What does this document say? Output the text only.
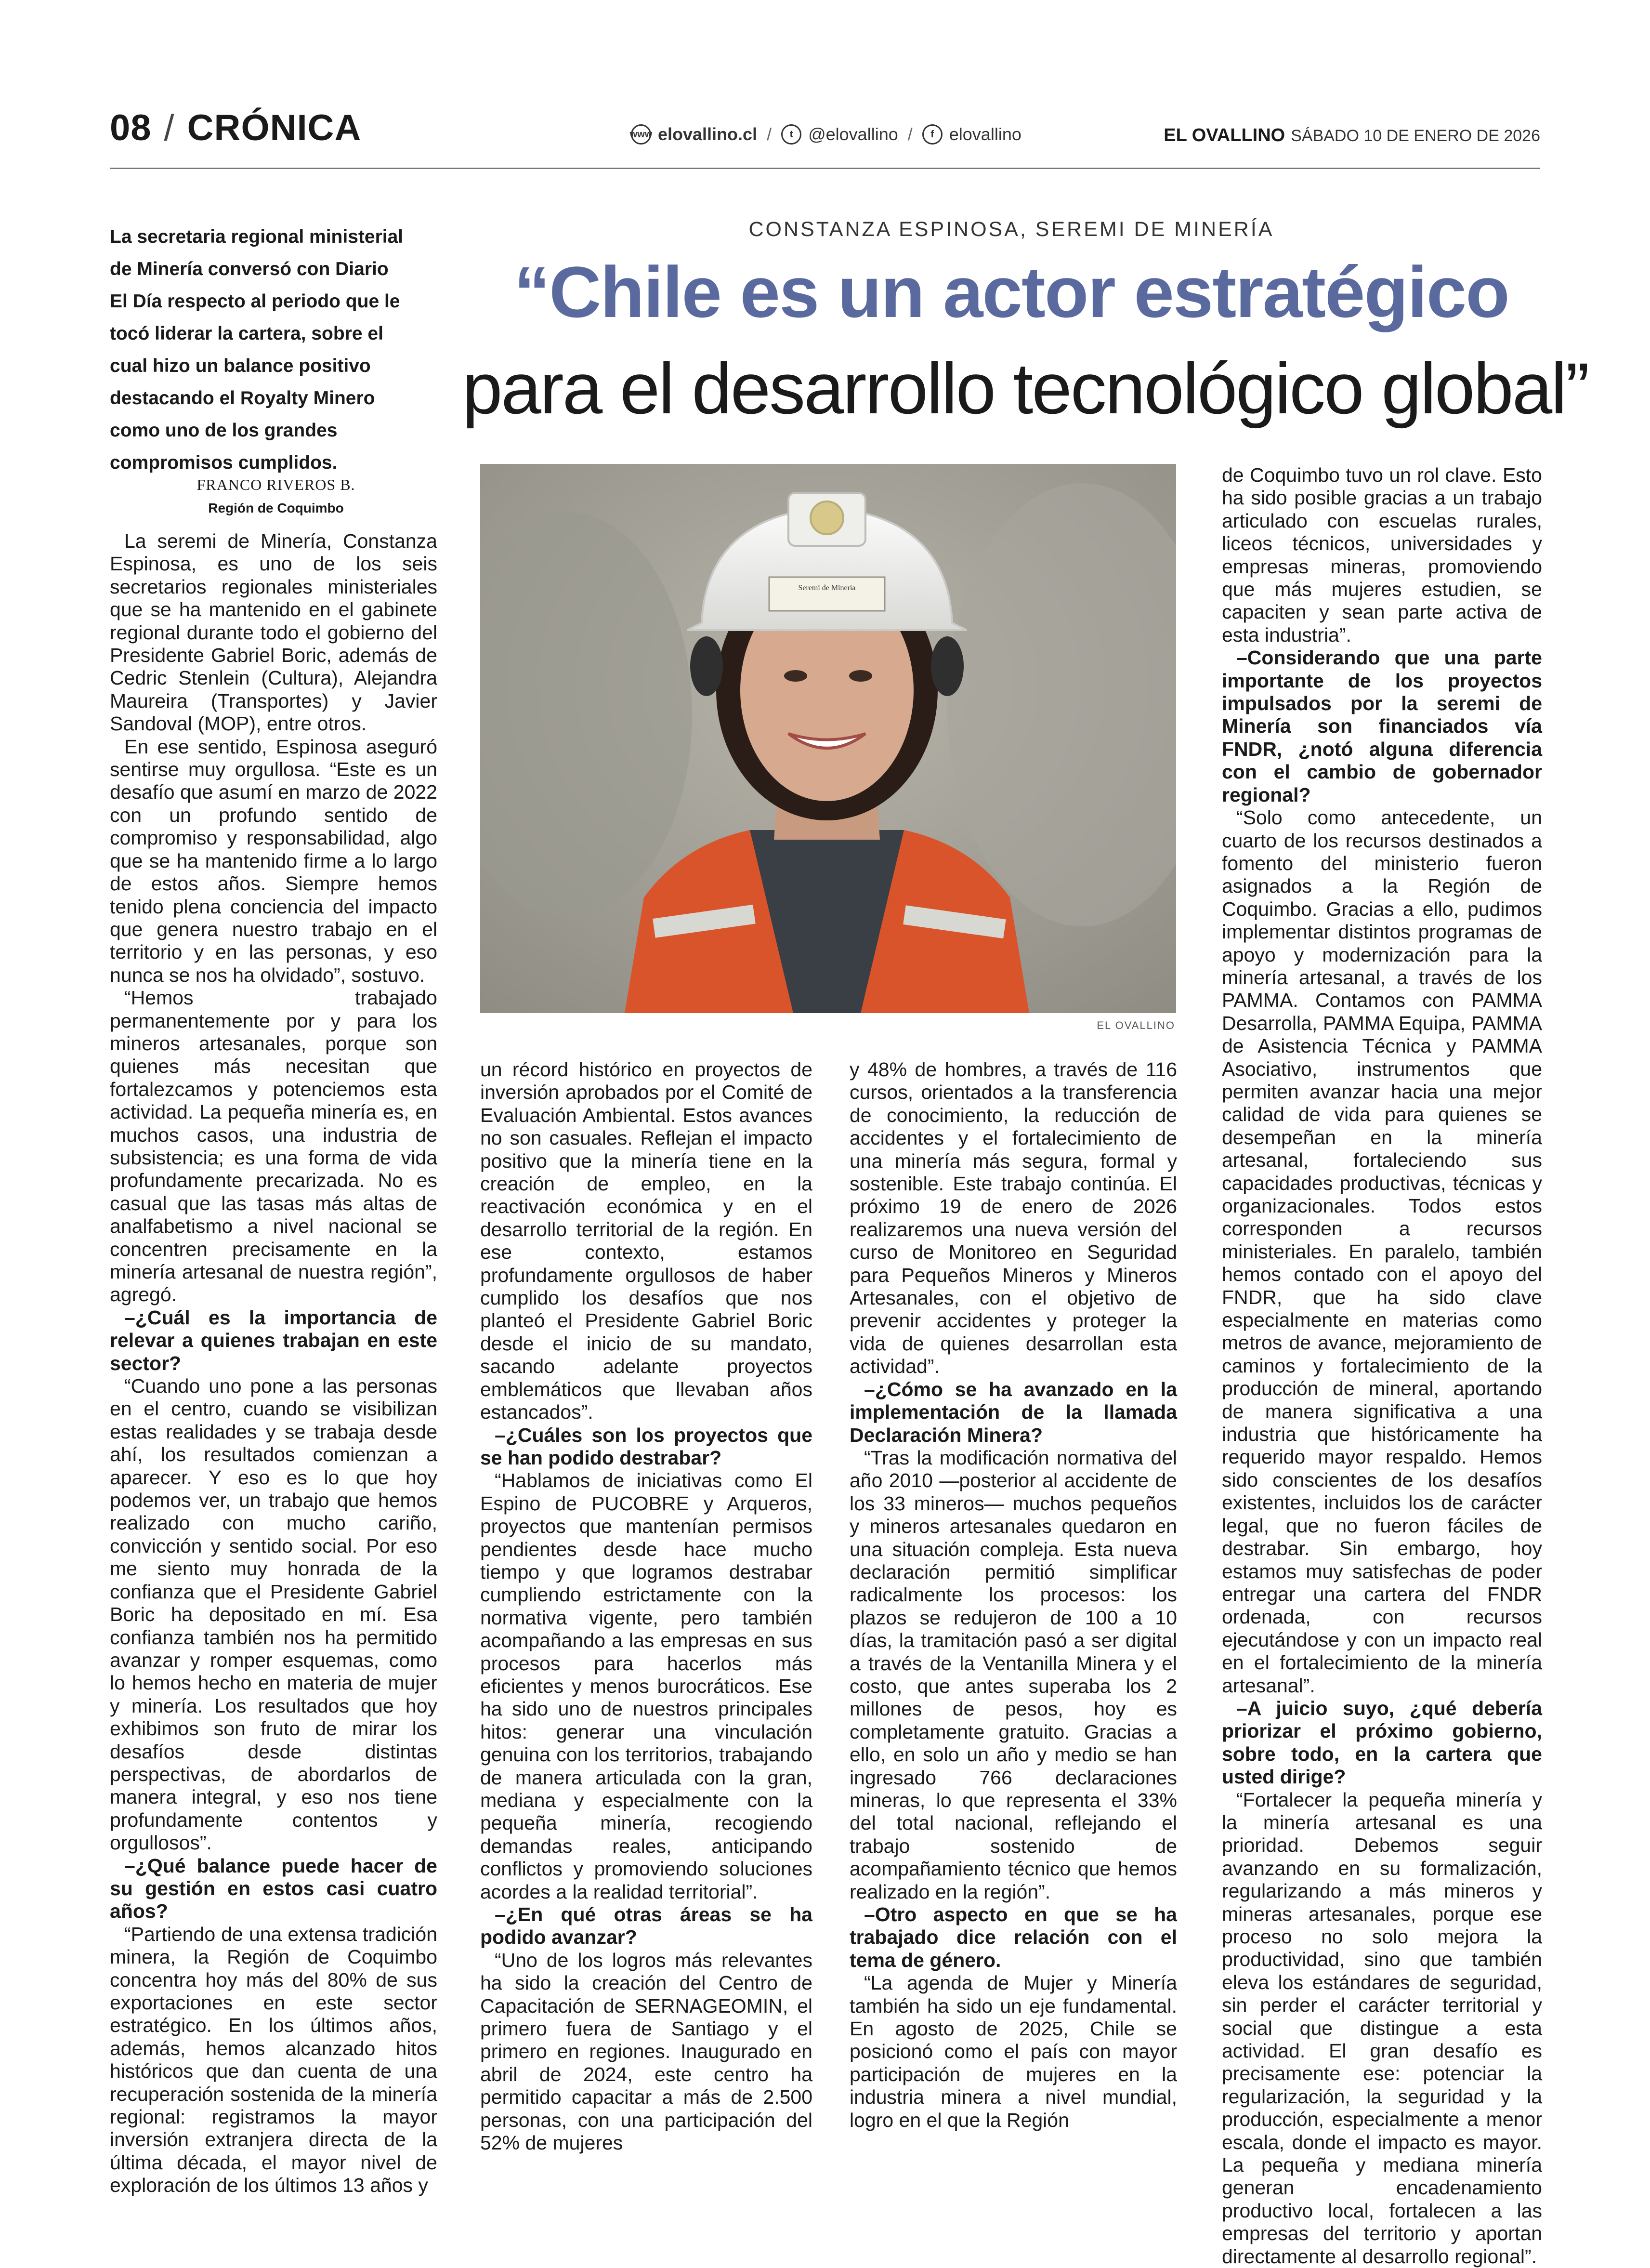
08 / CRÓNICA	www elovallino.cl /	t @elovallino /	f elovallino	EL OVALLINO SÁBADO 10 DE ENERO DE 2026
La secretaria regional ministerial de Minería conversó con Diario El Día respecto al periodo que le tocó liderar la cartera, sobre el cual hizo un balance positivo destacando el Royalty Minero como uno de los grandes compromisos cumplidos.
FRANCO RIVEROS B.
Región de Coquimbo
CONSTANZA ESPINOSA, SEREMI DE MINERÍA
“Chile es un actor estratégico
para el desarrollo tecnológico global”
Seremi de Minería
EL OVALLINO

La seremi de Minería, Constanza Espinosa, es uno de los seis secretarios regionales ministeriales que se ha mantenido en el gabinete regional durante todo el gobierno del Presidente Gabriel Boric, además de Cedric Stenlein (Cultura), Alejandra Maureira (Transportes) y Javier Sandoval (MOP), entre otros.

En ese sentido, Espinosa aseguró sentirse muy orgullosa. “Este es un desafío que asumí en marzo de 2022 con un profundo sentido de compromiso y responsabilidad, algo que se ha mantenido firme a lo largo de estos años. Siempre hemos tenido plena conciencia del impacto que genera nuestro trabajo en el territorio y en las personas, y eso nunca se nos ha olvidado”, sostuvo.

“Hemos trabajado permanentemente por y para los mineros artesanales, porque son quienes más necesitan que fortalezcamos y potenciemos esta actividad. La pequeña minería es, en muchos casos, una industria de subsistencia; es una forma de vida profundamente precarizada. No es casual que las tasas más altas de analfabetismo a nivel nacional se concentren precisamente en la minería artesanal de nuestra región”, agregó.

–¿Cuál es la importancia de relevar a quienes trabajan en este sector?

“Cuando uno pone a las personas en el centro, cuando se visibilizan estas realidades y se trabaja desde ahí, los resultados comienzan a aparecer. Y eso es lo que hoy podemos ver, un trabajo que hemos realizado con mucho cariño, convicción y sentido social. Por eso me siento muy honrada de la confianza que el Presidente Gabriel Boric ha depositado en mí. Esa confianza también nos ha permitido avanzar y romper esquemas, como lo hemos hecho en materia de mujer y minería. Los resultados que hoy exhibimos son fruto de mirar los desafíos desde distintas perspectivas, de abordarlos de manera integral, y eso nos tiene profundamente contentos y orgullosos”.

–¿Qué balance puede hacer de su gestión en estos casi cuatro años?

“Partiendo de una extensa tradición minera, la Región de Coquimbo concentra hoy más del 80% de sus exportaciones en este sector estratégico. En los últimos años, además, hemos alcanzado hitos históricos que dan cuenta de una recuperación sostenida de la minería regional: registramos la mayor inversión extranjera directa de la última década, el mayor nivel de exploración de los últimos 13 años y

un récord histórico en proyectos de inversión aprobados por el Comité de Evaluación Ambiental. Estos avances no son casuales. Reflejan el impacto positivo que la minería tiene en la creación de empleo, en la reactivación económica y en el desarrollo territorial de la región. En ese contexto, estamos profundamente orgullosos de haber cumplido los desafíos que nos planteó el Presidente Gabriel Boric desde el inicio de su mandato, sacando adelante proyectos emblemáticos que llevaban años estancados”.

–¿Cuáles son los proyectos que se han podido destrabar?

“Hablamos de iniciativas como El Espino de PUCOBRE y Arqueros, proyectos que mantenían permisos pendientes desde hace mucho tiempo y que logramos destrabar cumpliendo estrictamente con la normativa vigente, pero también acompañando a las empresas en sus procesos para hacerlos más eficientes y menos burocráticos. Ese ha sido uno de nuestros principales hitos: generar una vinculación genuina con los territorios, trabajando de manera articulada con la gran, mediana y especialmente con la pequeña minería, recogiendo demandas reales, anticipando conflictos y promoviendo soluciones acordes a la realidad territorial”.

–¿En qué otras áreas se ha podido avanzar?

“Uno de los logros más relevantes ha sido la creación del Centro de Capacitación de SERNAGEOMIN, el primero fuera de Santiago y el primero en regiones. Inaugurado en abril de 2024, este centro ha permitido capacitar a más de 2.500 personas, con una participación del 52% de mujeres

y 48% de hombres, a través de 116 cursos, orientados a la transferencia de conocimiento, la reducción de accidentes y el fortalecimiento de una minería más segura, formal y sostenible. Este trabajo continúa. El próximo 19 de enero de 2026 realizaremos una nueva versión del curso de Monitoreo en Seguridad para Pequeños Mineros y Mineros Artesanales, con el objetivo de prevenir accidentes y proteger la vida de quienes desarrollan esta actividad”.

–¿Cómo se ha avanzado en la implementación de la llamada Declaración Minera?

“Tras la modificación normativa del año 2010 —posterior al accidente de los 33 mineros— muchos pequeños y mineros artesanales quedaron en una situación compleja. Esta nueva declaración permitió simplificar radicalmente los procesos: los plazos se redujeron de 100 a 10 días, la tramitación pasó a ser digital a través de la Ventanilla Minera y el costo, que antes superaba los 2 millones de pesos, hoy es completamente gratuito. Gracias a ello, en solo un año y medio se han ingresado 766 declaraciones mineras, lo que representa el 33% del total nacional, reflejando el trabajo sostenido de acompañamiento técnico que hemos realizado en la región”.

–Otro aspecto en que se ha trabajado dice relación con el tema de género.

“La agenda de Mujer y Minería también ha sido un eje fundamental. En agosto de 2025, Chile se posicionó como el país con mayor participación de mujeres en la industria minera a nivel mundial, logro en el que la Región

de Coquimbo tuvo un rol clave. Esto ha sido posible gracias a un trabajo articulado con escuelas rurales, liceos técnicos, universidades y empresas mineras, promoviendo que más mujeres estudien, se capaciten y sean parte activa de esta industria”.

–Considerando que una parte importante de los proyectos impulsados por la seremi de Minería son financiados vía FNDR, ¿notó alguna diferencia con el cambio de gobernador regional?

“Solo como antecedente, un cuarto de los recursos destinados a fomento del ministerio fueron asignados a la Región de Coquimbo. Gracias a ello, pudimos implementar distintos programas de apoyo y modernización para la minería artesanal, a través de los PAMMA. Contamos con PAMMA Desarrolla, PAMMA Equipa, PAMMA de Asistencia Técnica y PAMMA Asociativo, instrumentos que permiten avanzar hacia una mejor calidad de vida para quienes se desempeñan en la minería artesanal, fortaleciendo sus capacidades productivas, técnicas y organizacionales. Todos estos corresponden a recursos ministeriales. En paralelo, también hemos contado con el apoyo del FNDR, que ha sido clave especialmente en materias como metros de avance, mejoramiento de caminos y fortalecimiento de la producción de mineral, aportando de manera significativa a una industria que históricamente ha requerido mayor respaldo. Hemos sido conscientes de los desafíos existentes, incluidos los de carácter legal, que no fueron fáciles de destrabar. Sin embargo, hoy estamos muy satisfechas de poder entregar una cartera del FNDR ordenada, con recursos ejecutándose y con un impacto real en el fortalecimiento de la minería artesanal”.

–A juicio suyo, ¿qué debería priorizar el próximo gobierno, sobre todo, en la cartera que usted dirige?

“Fortalecer la pequeña minería y la minería artesanal es una prioridad. Debemos seguir avanzando en su formalización, regularizando a más mineros y mineras artesanales, porque ese proceso no solo mejora la productividad, sino que también eleva los estándares de seguridad, sin perder el carácter territorial y social que distingue a esta actividad. El gran desafío es precisamente ese: potenciar la regularización, la seguridad y la producción, especialmente a menor escala, donde el impacto es mayor. La pequeña y mediana minería generan encadenamiento productivo local, fortalecen a las empresas del territorio y aportan directamente al desarrollo regional”.
